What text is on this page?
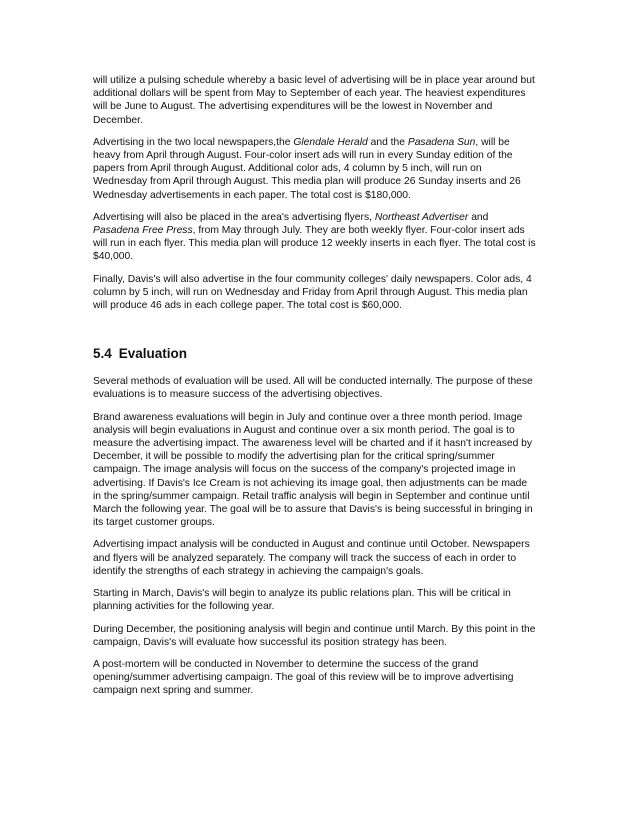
will utilize a pulsing schedule whereby a basic level of advertising will be in place year around but
additional dollars will be spent from May to September of each year. The heaviest expenditures
will be June to August. The advertising expenditures will be the lowest in November and
December.

Advertising in the two local newspapers,the Glendale Herald and the Pasadena Sun, will be
heavy from April through August. Four-color insert ads will run in every Sunday edition of the
papers from April through August. Additional color ads, 4 column by 5 inch, will run on
Wednesday from April through August. This media plan will produce 26 Sunday inserts and 26
Wednesday advertisements in each paper. The total cost is $180,000.

Advertising will also be placed in the area's advertising flyers, Northeast Advertiser and
Pasadena Free Press, from May through July. They are both weekly flyer. Four-color insert ads
will run in each flyer. This media plan will produce 12 weekly inserts in each flyer. The total cost is
$40,000.

Finally, Davis's will also advertise in the four community colleges' daily newspapers. Color ads, 4
column by 5 inch, will run on Wednesday and Friday from April through August. This media plan
will produce 46 ads in each college paper. The total cost is $60,000.

5.4 Evaluation

Several methods of evaluation will be used. All will be conducted internally. The purpose of these
evaluations is to measure success of the advertising objectives.

Brand awareness evaluations will begin in July and continue over a three month period. Image
analysis will begin evaluations in August and continue over a six month period. The goal is to
measure the advertising impact. The awareness level will be charted and if it hasn't increased by
December, it will be possible to modify the advertising plan for the critical spring/summer
campaign. The image analysis will focus on the success of the company's projected image in
advertising. If Davis's Ice Cream is not achieving its image goal, then adjustments can be made
in the spring/summer campaign. Retail traffic analysis will begin in September and continue until
March the following year. The goal will be to assure that Davis's is being successful in bringing in
its target customer groups.

Advertising impact analysis will be conducted in August and continue until October. Newspapers
and flyers will be analyzed separately. The company will track the success of each in order to
identify the strengths of each strategy in achieving the campaign's goals.

Starting in March, Davis's will begin to analyze its public relations plan. This will be critical in
planning activities for the following year.

During December, the positioning analysis will begin and continue until March. By this point in the
campaign, Davis's will evaluate how successful its position strategy has been.

A post-mortem will be conducted in November to determine the success of the grand
opening/summer advertising campaign. The goal of this review will be to improve advertising
campaign next spring and summer.
